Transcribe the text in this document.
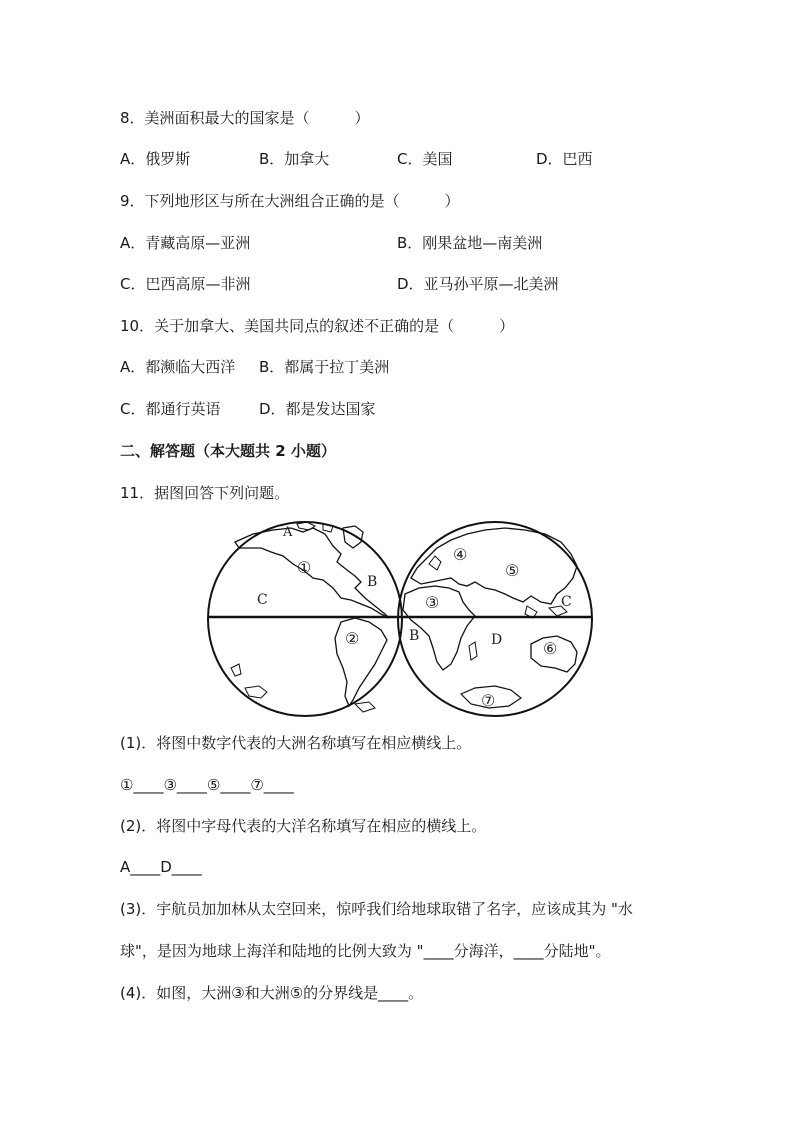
8．美洲面积最大的国家是（　　　）
A．俄罗斯	B．加拿大	C．美国	D．巴西
9．下列地形区与所在大洲组合正确的是（　　　）
A．青藏高原—亚洲	B．刚果盆地—南美洲
C．巴西高原—非洲	D．亚马孙平原—北美洲
10．关于加拿大、美国共同点的叙述不正确的是（　　　）
A．都濒临大西洋 B．都属于拉丁美洲
C．都通行英语	D．都是发达国家
二、解答题（本大题共 2 小题）
11．据图回答下列问题。
A
B
C	C
B	D
①
②
③
④
⑤
⑥
⑦
(1)．将图中数字代表的大洲名称填写在相应横线上。
①____③____⑤____⑦____
(2)．将图中字母代表的大洋名称填写在相应的横线上。
A____D____
(3)．宇航员加加林从太空回来，惊呼我们给地球取错了名字，应该成其为 "水
球"，是因为地球上海洋和陆地的比例大致为 "____分海洋，____分陆地"。
(4)．如图，大洲③和大洲⑤的分界线是____。
